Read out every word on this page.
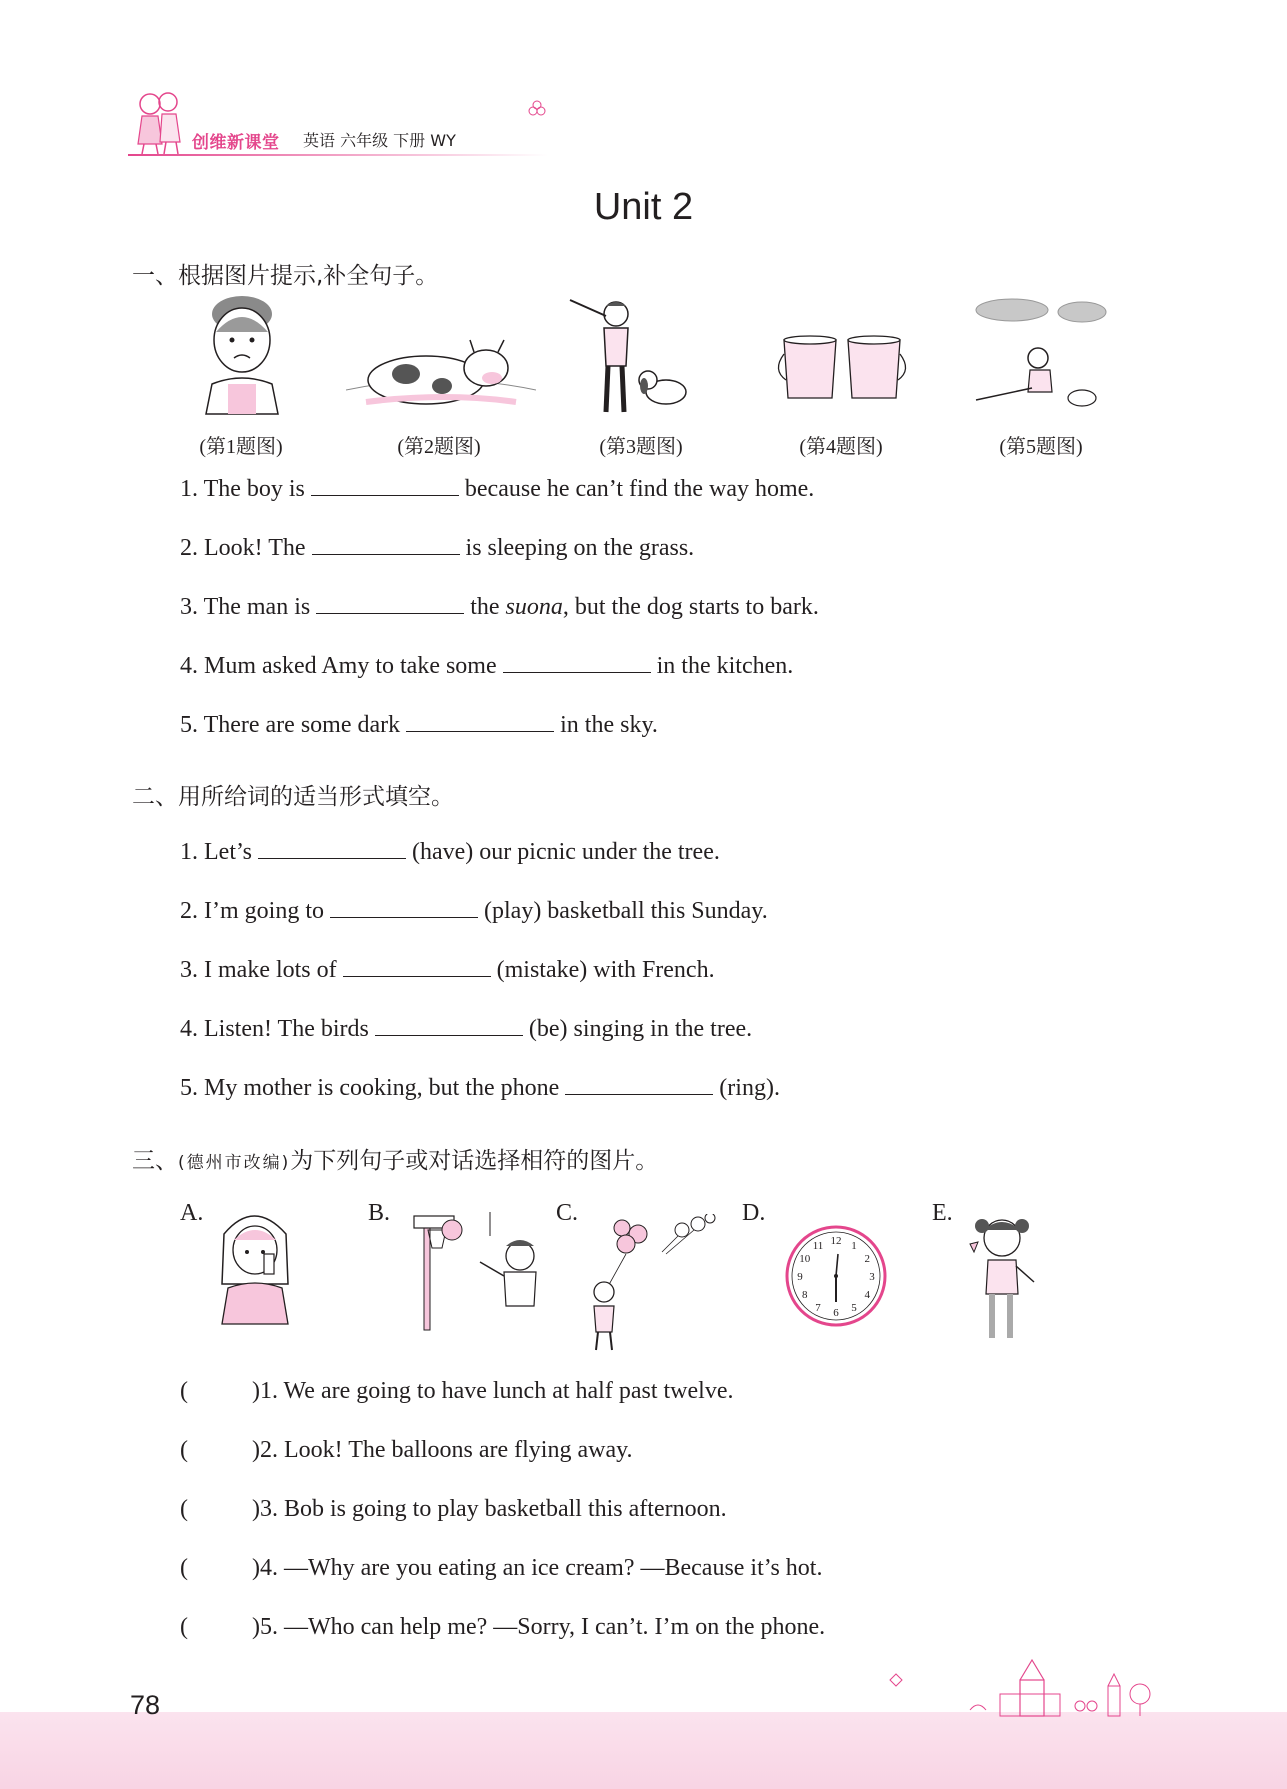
创维新课堂 英语 六年级 下册 WY
Unit 2
一、根据图片提示,补全句子。
(第1题图)	(第2题图)	(第3题图)	(第4题图)	(第5题图)
1. The boy is	because he can’t find the way home.
2. Look! The	is sleeping on the grass.
3. The man is	the suona, but the dog starts to bark.
4. Mum asked Amy to take some	in the kitchen.
5. There are some dark	in the sky.
二、用所给词的适当形式填空。
1. Let’s	(have) our picnic under the tree.
2. I’m going to	(play) basketball this Sunday.
3. I make lots of	(mistake) with French.
4. Listen! The birds	(be) singing in the tree.
5. My mother is cooking, but the phone	(ring).
三、(德州市改编)为下列句子或对话选择相符的图片。
A.	B.	C.	D.	E.
12 1
2
3
4
5
6
7
8
9
10
11
(	)1. We are going to have lunch at half past twelve.
(	)2. Look! The balloons are flying away.
(	)3. Bob is going to play basketball this afternoon.
(	)4. —Why are you eating an ice cream? —Because it’s hot.
(	)5. —Who can help me? —Sorry, I can’t. I’m on the phone.
78
